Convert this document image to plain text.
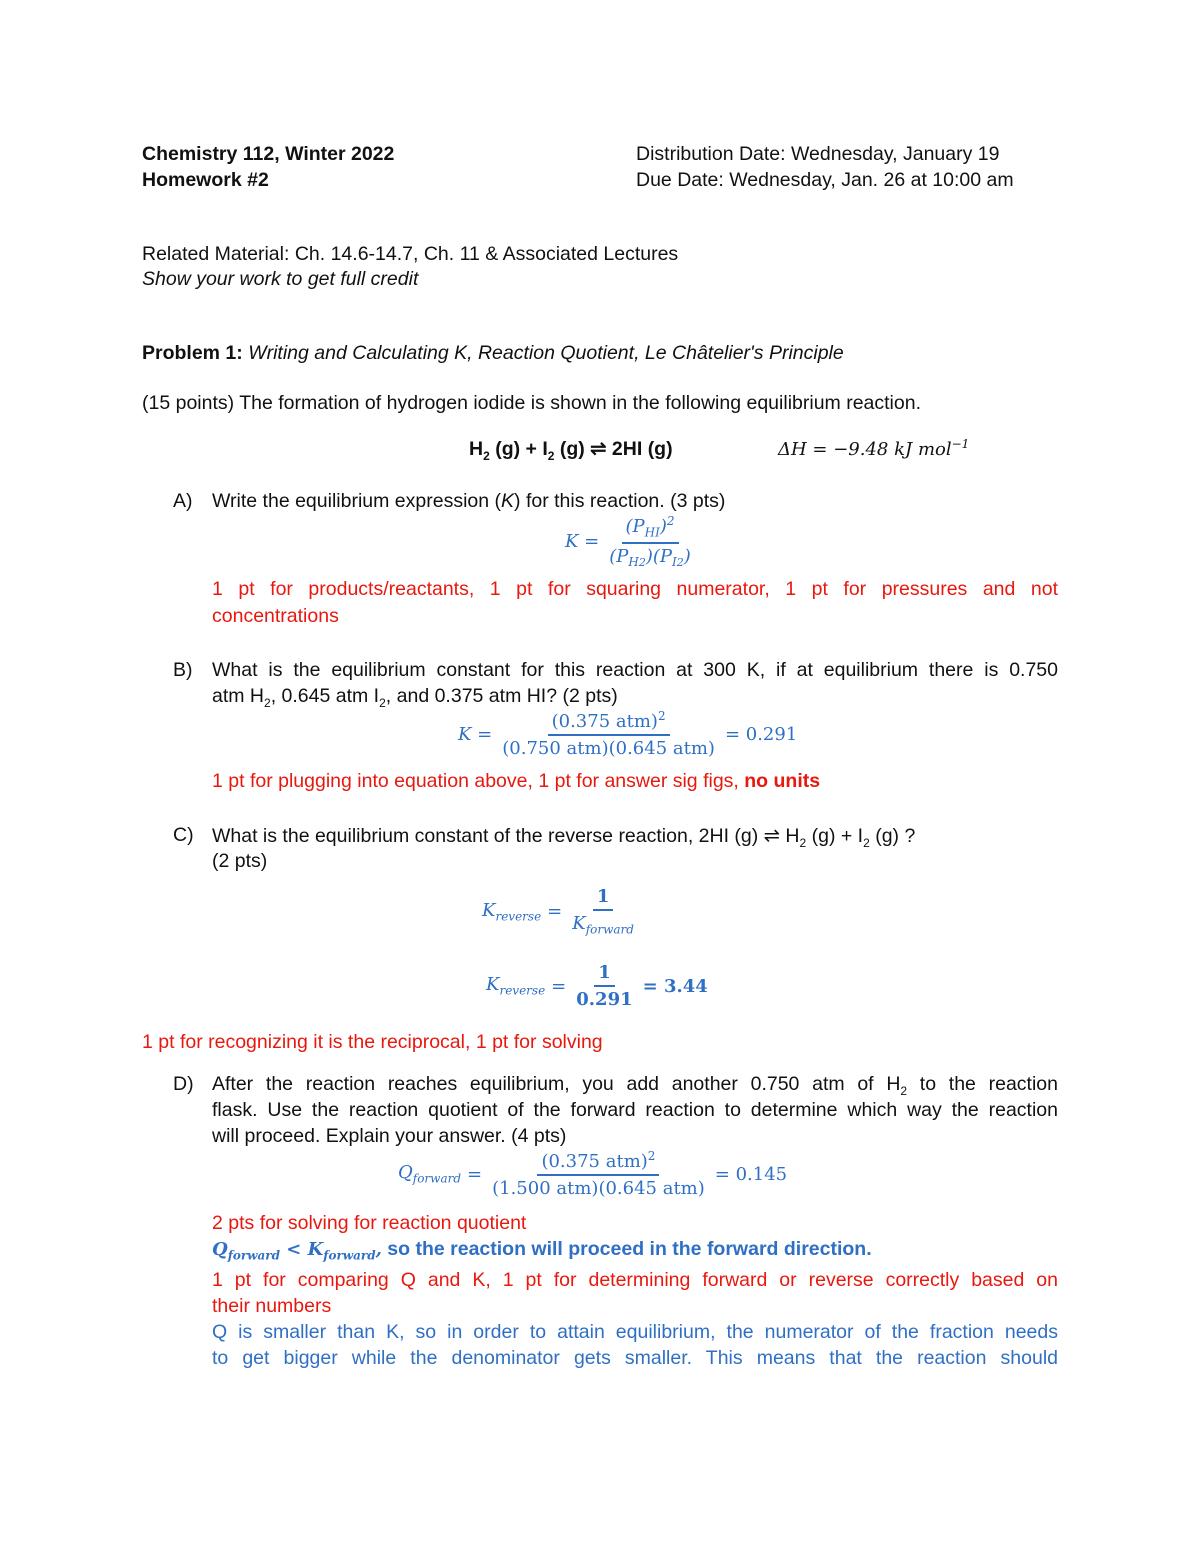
Chemistry 112, Winter 2022
Homework #2
Distribution Date: Wednesday, January 19
Due Date: Wednesday, Jan. 26 at 10:00 am
Related Material: Ch. 14.6-14.7, Ch. 11 & Associated Lectures
Show your work to get full credit
Problem 1: Writing and Calculating K, Reaction Quotient, Le Châtelier's Principle
(15 points) The formation of hydrogen iodide is shown in the following equilibrium reaction.
$H_2$ $(g) + I_2$ (g) ⇌ 2HI (g)	ΔH = −9.48 kJ mol$^{-1}$
A) Write the equilibrium expression (K) for this reaction. (3 pts)
$K = \frac{(P_{HI})^2}{(P_{H2})(P_{I2})}$
1 pt for products/reactants, 1 pt for squaring numerator, 1 pt for pressures and not
concentrations
B) What is the equilibrium constant for this reaction at 300 K, if at equilibrium there is 0.750
atm $H_2$, 0.645 atm $I_2$, and 0.375 atm HI? (2 pts)
$K = \frac{(0.375 atm)^2}{\text{(0.750 atm)(0.645 atm)}} = 0.291$
1 pt for plugging into equation above, 1 pt for answer sig figs, no units
C) What is the equilibrium constant of the reverse reaction, 2HI (g) ⇌ $H_2$ $(g) + I_2$ (g) ?
(2 pts)
$K_{reverse} = \frac{1}{K_{forward}}$
$K_{reverse} = \frac{1}{0.291} = 3.44$
1 pt for recognizing it is the reciprocal, 1 pt for solving
D) After the reaction reaches equilibrium, you add another 0.750 atm of $H_2$ to the reaction
flask. Use the reaction quotient of the forward reaction to determine which way the reaction
will proceed. Explain your answer. (4 pts)
$Q_{forward} = \frac{(0.375 atm)^2}{\text{(1.500 atm)(0.645 atm)}} = 0.145$
2 pts for solving for reaction quotient
$Q_{forward} < K_{forward}$, so the reaction will proceed in the forward direction.
1 pt for comparing Q and K, 1 pt for determining forward or reverse correctly based on
their numbers
Q is smaller than K, so in order to attain equilibrium, the numerator of the fraction needs
to get bigger while the denominator gets smaller. This means that the reaction should
